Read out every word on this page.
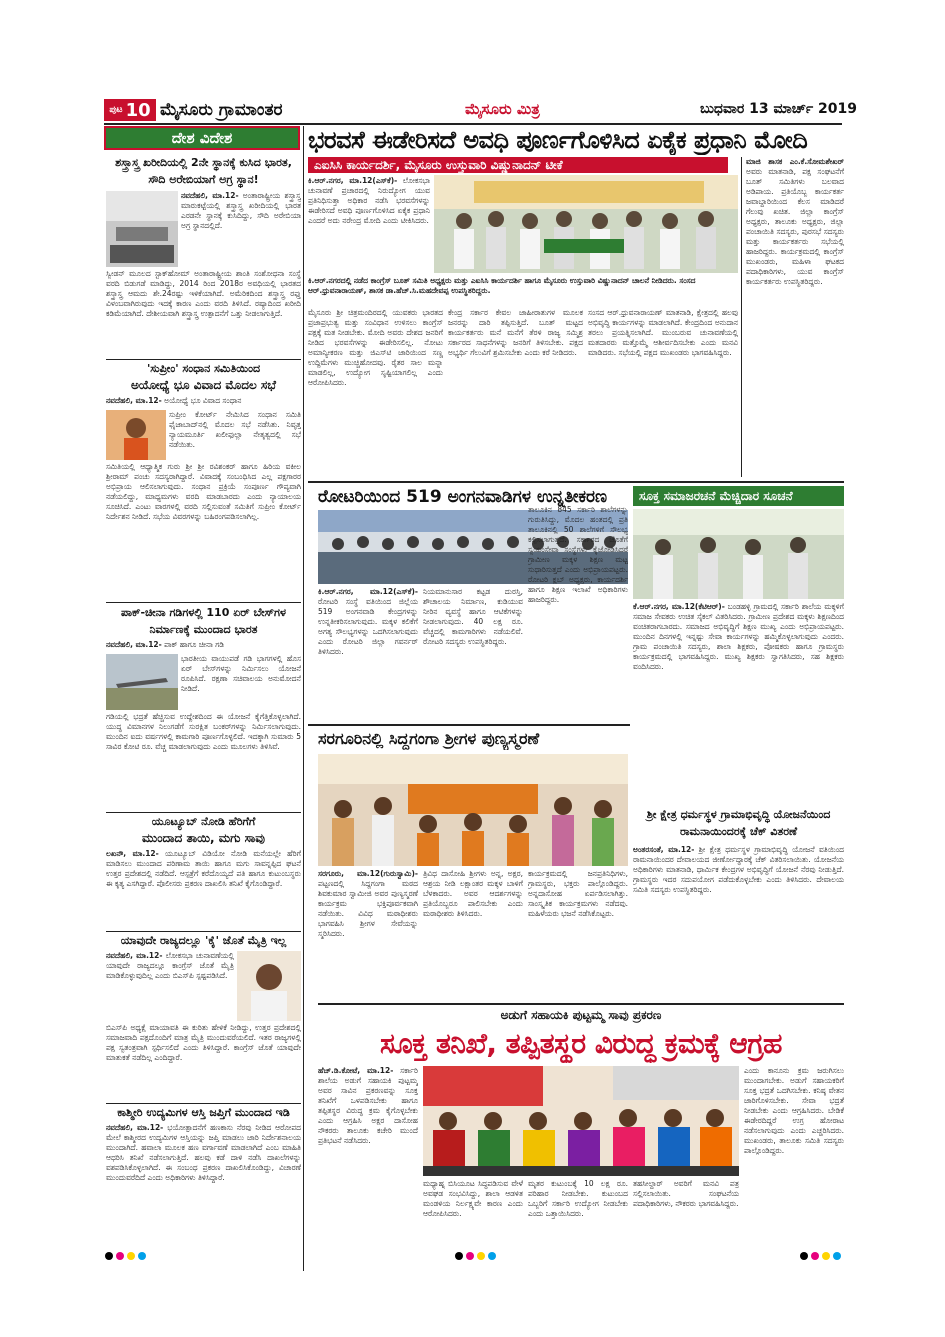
ಪುಟ 10 ಮೈಸೂರು ಗ್ರಾಮಾಂತರ	ಮೈಸೂರು ಮಿತ್ರ	ಬುಧವಾರ 13 ಮಾರ್ಚ್ 2019
ದೇಶ ವಿದೇಶ	ಭರವಸೆ ಈಡೇರಿಸದೆ ಅವಧಿ ಪೂರ್ಣಗೊಳಿಸಿದ ಏಕೈಕ ಪ್ರಧಾನಿ ಮೋದಿ
ಎಐಸಿಸಿ ಕಾರ್ಯದರ್ಶಿ, ಮೈಸೂರು ಉಸ್ತುವಾರಿ ವಿಷ್ಣುನಾದನ್ ಟೀಕೆ
ಕಿ.ಆರ್.ನಗರ, ಮಾ.12(ಎಸ್‌ಕೆ)- ಲೋಕಸಭಾ ಚುನಾವಣೆ ಪ್ರಚಾರದಲ್ಲಿ ನಿರುದ್ಯೋಗ ಯುವ ಪ್ರತಿನಿಧಿಸುತ್ತಾ ಅಧಿಕಾರ ನಡೆಸಿ ಭರವಸೆಗಳನ್ನು ಈಡೇರಿಸದೆ ಅವಧಿ ಪೂರ್ಣಗೊಳಿಸಿದ ಏಕೈಕ ಪ್ರಧಾನಿ ಎಂದರೆ ಅದು ನರೇಂದ್ರ ಮೋದಿ ಎಂದು ಟೀಕಿಸಿದರು.
ಕಿ.ಆರ್.ನಗರದಲ್ಲಿ ನಡೆದ ಕಾಂಗ್ರೆಸ್ ಬೂತ್ ಸಮಿತಿ ಅಧ್ಯಕ್ಷರು ಮತ್ತು ಎಐಸಿಸಿ ಕಾರ್ಯದರ್ಶಿ ಹಾಗೂ ಮೈಸೂರು ಉಸ್ತುವಾರಿ ವಿಷ್ಣುನಾದನ್ ಚಾಲನೆ ನೀಡಿದರು. ಸಂಸದ ಆರ್.ಧ್ರುವನಾರಾಯಣ್, ಶಾಸಕ ಡಾ.ಹೆಚ್.ಸಿ.ಮಹದೇವಪ್ಪ ಉಪಸ್ಥಿತರಿದ್ದರು.
ಮೈಸೂರು ಶ್ರೀ ಚಿತ್ರಮಂದಿರದಲ್ಲಿ ಯುವಕರು ಭಾರತದ ಪ್ರಜಾಪ್ರಭುತ್ವ ಮತ್ತು ಸಂವಿಧಾನ ಉಳಿಸಲು ಕಾಂಗ್ರೆಸ್ ಪಕ್ಷಕ್ಕೆ ಮತ ನೀಡಬೇಕು. ಮೋದಿ ಅವರು ದೇಶದ ಜನರಿಗೆ ನೀಡಿದ ಭರವಸೆಗಳನ್ನು ಈಡೇರಿಸಲಿಲ್ಲ. ನೋಟು ಅಮಾನ್ಯೀಕರಣ ಮತ್ತು ಜಿಎಸ್‌ಟಿ ಜಾರಿಯಿಂದ ಸಣ್ಣ ಉದ್ದಿಮೆಗಳು ಮುಚ್ಚಿಹೋದವು. ರೈತರ ಸಾಲ ಮನ್ನಾ ಮಾಡಲಿಲ್ಲ, ಉದ್ಯೋಗ ಸೃಷ್ಟಿಯಾಗಲಿಲ್ಲ ಎಂದು ಆರೋಪಿಸಿದರು.
ಕೇಂದ್ರ ಸರ್ಕಾರ ಕೇವಲ ಜಾಹೀರಾತುಗಳ ಮೂಲಕ ಜನರನ್ನು ದಾರಿ ತಪ್ಪಿಸುತ್ತಿದೆ. ಬೂತ್ ಮಟ್ಟದ ಕಾರ್ಯಕರ್ತರು ಮನೆ ಮನೆಗೆ ತೆರಳಿ ರಾಜ್ಯ ಸಮ್ಮಿಶ್ರ ಸರ್ಕಾರದ ಸಾಧನೆಗಳನ್ನು ಜನರಿಗೆ ತಿಳಿಸಬೇಕು. ಪಕ್ಷದ ಅಭ್ಯರ್ಥಿ ಗೆಲುವಿಗೆ ಶ್ರಮಿಸಬೇಕು ಎಂದು ಕರೆ ನೀಡಿದರು.
ಸಂಸದ ಆರ್.ಧ್ರುವನಾರಾಯಣ್ ಮಾತನಾಡಿ, ಕ್ಷೇತ್ರದಲ್ಲಿ ಹಲವು ಅಭಿವೃದ್ಧಿ ಕಾರ್ಯಗಳನ್ನು ಮಾಡಲಾಗಿದೆ. ಕೇಂದ್ರದಿಂದ ಅನುದಾನ ತರಲು ಪ್ರಯತ್ನಿಸಲಾಗಿದೆ. ಮುಂಬರುವ ಚುನಾವಣೆಯಲ್ಲಿ ಮತದಾರರು ಮತ್ತೊಮ್ಮೆ ಆಶೀರ್ವದಿಸಬೇಕು ಎಂದು ಮನವಿ ಮಾಡಿದರು. ಸಭೆಯಲ್ಲಿ ಪಕ್ಷದ ಮುಖಂಡರು ಭಾಗವಹಿಸಿದ್ದರು.
ಮಾಜಿ ಶಾಸಕ ಎಂ.ಕೆ.ಸೋಮಶೇಖರ್ ಅವರು ಮಾತನಾಡಿ, ಪಕ್ಷ ಸಂಘಟನೆಗೆ ಬೂತ್ ಸಮಿತಿಗಳು ಬಲವಾದ ಅಡಿಪಾಯ. ಪ್ರತಿಯೊಬ್ಬ ಕಾರ್ಯಕರ್ತ ಜವಾಬ್ದಾರಿಯಿಂದ ಕೆಲಸ ಮಾಡಿದರೆ ಗೆಲುವು ಖಚಿತ. ಜಿಲ್ಲಾ ಕಾಂಗ್ರೆಸ್ ಅಧ್ಯಕ್ಷರು, ತಾಲೂಕು ಅಧ್ಯಕ್ಷರು, ಜಿಲ್ಲಾ ಪಂಚಾಯಿತಿ ಸದಸ್ಯರು, ಪುರಸಭೆ ಸದಸ್ಯರು ಮತ್ತು ಕಾರ್ಯಕರ್ತರು ಸಭೆಯಲ್ಲಿ ಹಾಜರಿದ್ದರು. ಕಾರ್ಯಕ್ರಮದಲ್ಲಿ ಕಾಂಗ್ರೆಸ್ ಮುಖಂಡರು, ಮಹಿಳಾ ಘಟಕದ ಪದಾಧಿಕಾರಿಗಳು, ಯುವ ಕಾಂಗ್ರೆಸ್ ಕಾರ್ಯಕರ್ತರು ಉಪಸ್ಥಿತರಿದ್ದರು.
ರೋಟರಿಯಿಂದ 519 ಅಂಗನವಾಡಿಗಳ ಉನ್ನತೀಕರಣ
ಕಿ.ಆರ್.ನಗರ, ಮಾ.12(ಎಸ್‌ಕೆ)- ರೋಟರಿ ಸಂಸ್ಥೆ ವತಿಯಿಂದ ಜಿಲ್ಲೆಯ 519 ಅಂಗನವಾಡಿ ಕೇಂದ್ರಗಳನ್ನು ಉನ್ನತೀಕರಿಸಲಾಗುವುದು. ಮಕ್ಕಳ ಕಲಿಕೆಗೆ ಅಗತ್ಯ ಸೌಲಭ್ಯಗಳನ್ನು ಒದಗಿಸಲಾಗುವುದು ಎಂದು ರೋಟರಿ ಜಿಲ್ಲಾ ಗವರ್ನರ್ ತಿಳಿಸಿದರು.
ನಿಯಮಾನುಸಾರ ಕಟ್ಟಡ ದುರಸ್ತಿ, ಶೌಚಾಲಯ ನಿರ್ಮಾಣ, ಕುಡಿಯುವ ನೀರಿನ ವ್ಯವಸ್ಥೆ ಹಾಗೂ ಆಟಿಕೆಗಳನ್ನು ನೀಡಲಾಗುವುದು. 40 ಲಕ್ಷ ರೂ. ವೆಚ್ಚದಲ್ಲಿ ಕಾಮಗಾರಿಗಳು ನಡೆಯಲಿವೆ. ರೋಟರಿ ಸದಸ್ಯರು ಉಪಸ್ಥಿತರಿದ್ದರು.
ತಾಲೂಕಿನ 845 ಸರ್ಕಾರಿ ಶಾಲೆಗಳನ್ನು ಗುರುತಿಸಿದ್ದು, ಮೊದಲ ಹಂತದಲ್ಲಿ ಪ್ರತಿ ತಾಲೂಕಿನಲ್ಲಿ 50 ಶಾಲೆಗಳಿಗೆ ಸೌಲಭ್ಯ ಕಲ್ಪಿಸಲಾಗುತ್ತದೆ. ಸರ್ಕಾರದ ಜೊತೆಗೆ ಸ್ವಯಂಸೇವಾ ಸಂಸ್ಥೆಗಳು ಕೈಜೋಡಿಸಿದರೆ ಗ್ರಾಮೀಣ ಮಕ್ಕಳ ಶಿಕ್ಷಣ ಮಟ್ಟ ಸುಧಾರಿಸುತ್ತದೆ ಎಂದು ಅಭಿಪ್ರಾಯಪಟ್ಟರು. ರೋಟರಿ ಕ್ಲಬ್ ಅಧ್ಯಕ್ಷರು, ಕಾರ್ಯದರ್ಶಿ ಹಾಗೂ ಶಿಕ್ಷಣ ಇಲಾಖೆ ಅಧಿಕಾರಿಗಳು ಹಾಜರಿದ್ದರು.
ಸೂಕ್ತ ಸಮಾಜರಚನೆ ಮೆಚ್ಚಿದಾರ ಸೂಚನೆ
ಕೆ.ಆರ್.ನಗರ, ಮಾ.12(ಕೆಟಿಆರ್)- ಬಂಡಹಳ್ಳಿ ಗ್ರಾಮದಲ್ಲಿ ಸರ್ಕಾರಿ ಶಾಲೆಯ ಮಕ್ಕಳಿಗೆ ಸಮಾಜ ಸೇವಕರು ಉಚಿತ ಸೈಕಲ್ ವಿತರಿಸಿದರು. ಗ್ರಾಮೀಣ ಪ್ರದೇಶದ ಮಕ್ಕಳು ಶಿಕ್ಷಣದಿಂದ ವಂಚಿತರಾಗಬಾರದು. ಸಮಾಜದ ಅಭಿವೃದ್ಧಿಗೆ ಶಿಕ್ಷಣ ಮುಖ್ಯ ಎಂದು ಅಭಿಪ್ರಾಯಪಟ್ಟರು. ಮುಂದಿನ ದಿನಗಳಲ್ಲಿ ಇನ್ನಷ್ಟು ಸೇವಾ ಕಾರ್ಯಗಳನ್ನು ಹಮ್ಮಿಕೊಳ್ಳಲಾಗುವುದು ಎಂದರು. ಗ್ರಾಮ ಪಂಚಾಯಿತಿ ಸದಸ್ಯರು, ಶಾಲಾ ಶಿಕ್ಷಕರು, ಪೋಷಕರು ಹಾಗೂ ಗ್ರಾಮಸ್ಥರು ಕಾರ್ಯಕ್ರಮದಲ್ಲಿ ಭಾಗವಹಿಸಿದ್ದರು. ಮುಖ್ಯ ಶಿಕ್ಷಕರು ಸ್ವಾಗತಿಸಿದರು, ಸಹ ಶಿಕ್ಷಕರು ವಂದಿಸಿದರು.
ಶ್ರೀ ಕ್ಷೇತ್ರ ಧರ್ಮಸ್ಥಳ ಗ್ರಾಮಾಭಿವೃದ್ಧಿ ಯೋಜನೆಯಿಂದ ರಾಮನಾಯಿಂದರಕ್ಕೆ ಚೆಕ್ ವಿತರಣೆ
ಅಂತರಸಂತೆ, ಮಾ.12- ಶ್ರೀ ಕ್ಷೇತ್ರ ಧರ್ಮಸ್ಥಳ ಗ್ರಾಮಾಭಿವೃದ್ಧಿ ಯೋಜನೆ ವತಿಯಿಂದ ರಾಮನಾಯಿಂದರ ದೇವಾಲಯದ ಜೀರ್ಣೋದ್ಧಾರಕ್ಕೆ ಚೆಕ್ ವಿತರಿಸಲಾಯಿತು. ಯೋಜನೆಯ ಅಧಿಕಾರಿಗಳು ಮಾತನಾಡಿ, ಧಾರ್ಮಿಕ ಕೇಂದ್ರಗಳ ಅಭಿವೃದ್ಧಿಗೆ ಯೋಜನೆ ನೆರವು ನೀಡುತ್ತಿದೆ. ಗ್ರಾಮಸ್ಥರು ಇದರ ಸದುಪಯೋಗ ಪಡೆದುಕೊಳ್ಳಬೇಕು ಎಂದು ತಿಳಿಸಿದರು. ದೇವಾಲಯ ಸಮಿತಿ ಸದಸ್ಯರು ಉಪಸ್ಥಿತರಿದ್ದರು.
ಸರಗೂರಿನಲ್ಲಿ ಸಿದ್ದಗಂಗಾ ಶ್ರೀಗಳ ಪುಣ್ಯಸ್ಮರಣೆ
ಸರಗೂರು, ಮಾ.12(ಗುರುಸ್ವಾಮಿ)- ಪಟ್ಟಣದಲ್ಲಿ ಸಿದ್ದಗಂಗಾ ಮಠದ ಶಿವಕುಮಾರ ಸ್ವಾಮೀಜಿ ಅವರ ಪುಣ್ಯಸ್ಮರಣೆ ಕಾರ್ಯಕ್ರಮ ಭಕ್ತಿಪೂರ್ವಕವಾಗಿ ನಡೆಯಿತು. ವಿವಿಧ ಮಠಾಧೀಶರು ಭಾಗವಹಿಸಿ ಶ್ರೀಗಳ ಸೇವೆಯನ್ನು ಸ್ಮರಿಸಿದರು.
ತ್ರಿವಿಧ ದಾಸೋಹಿ ಶ್ರೀಗಳು ಅನ್ನ, ಅಕ್ಷರ, ಆಶ್ರಯ ನೀಡಿ ಲಕ್ಷಾಂತರ ಮಕ್ಕಳ ಬಾಳಿಗೆ ಬೆಳಕಾದರು. ಅವರ ಆದರ್ಶಗಳನ್ನು ಪ್ರತಿಯೊಬ್ಬರೂ ಪಾಲಿಸಬೇಕು ಎಂದು ಮಠಾಧೀಶರು ತಿಳಿಸಿದರು.
ಕಾರ್ಯಕ್ರಮದಲ್ಲಿ ಜನಪ್ರತಿನಿಧಿಗಳು, ಗ್ರಾಮಸ್ಥರು, ಭಕ್ತರು ಪಾಲ್ಗೊಂಡಿದ್ದರು. ಅನ್ನದಾಸೋಹ ಏರ್ಪಡಿಸಲಾಗಿತ್ತು. ಸಾಂಸ್ಕೃತಿಕ ಕಾರ್ಯಕ್ರಮಗಳು ನಡೆದವು. ಮಹಿಳೆಯರು ಭಜನೆ ನಡೆಸಿಕೊಟ್ಟರು.
ಶಸ್ತ್ರಾಸ್ತ್ರ ಖರೀದಿಯಲ್ಲಿ 2ನೇ ಸ್ಥಾನಕ್ಕೆ ಕುಸಿದ ಭಾರತ, ಸೌದಿ ಅರೇಬಿಯಾಗೆ ಅಗ್ರ ಸ್ಥಾನ!
ನವದೆಹಲಿ, ಮಾ.12- ಅಂತಾರಾಷ್ಟ್ರೀಯ ಶಸ್ತ್ರಾಸ್ತ್ರ ಮಾರುಕಟ್ಟೆಯಲ್ಲಿ ಶಸ್ತ್ರಾಸ್ತ್ರ ಖರೀದಿಯಲ್ಲಿ ಭಾರತ ಎರಡನೇ ಸ್ಥಾನಕ್ಕೆ ಕುಸಿದಿದ್ದು, ಸೌದಿ ಅರೇಬಿಯಾ ಅಗ್ರ ಸ್ಥಾನದಲ್ಲಿದೆ.
ಸ್ವೀಡನ್ ಮೂಲದ ಸ್ಟಾಕ್‌ಹೋಮ್ ಅಂತಾರಾಷ್ಟ್ರೀಯ ಶಾಂತಿ ಸಂಶೋಧನಾ ಸಂಸ್ಥೆ ವರದಿ ಬಿಡುಗಡೆ ಮಾಡಿದ್ದು, 2014 ರಿಂದ 2018ರ ಅವಧಿಯಲ್ಲಿ ಭಾರತದ ಶಸ್ತ್ರಾಸ್ತ್ರ ಆಮದು ಶೇ.24ರಷ್ಟು ಇಳಿಕೆಯಾಗಿದೆ. ಅಮೆರಿಕದಿಂದ ಶಸ್ತ್ರಾಸ್ತ್ರ ರಫ್ತು ವಿಳಂಬವಾಗಿರುವುದು ಇದಕ್ಕೆ ಕಾರಣ ಎಂದು ವರದಿ ತಿಳಿಸಿದೆ. ರಷ್ಯಾದಿಂದ ಖರೀದಿ ಕಡಿಮೆಯಾಗಿದೆ. ದೇಶೀಯವಾಗಿ ಶಸ್ತ್ರಾಸ್ತ್ರ ಉತ್ಪಾದನೆಗೆ ಒತ್ತು ನೀಡಲಾಗುತ್ತಿದೆ.
'ಸುಪ್ರೀಂ' ಸಂಧಾನ ಸಮಿತಿಯಿಂದ
ಅಯೋಧ್ಯೆ ಭೂ ವಿವಾದ ಮೊದಲ ಸಭೆ
ನವದೆಹಲಿ, ಮಾ.12- ಅಯೋಧ್ಯೆ ಭೂ ವಿವಾದ ಸಂಧಾನ
ಸುಪ್ರೀಂ ಕೋರ್ಟ್ ನೇಮಿಸಿದ ಸಂಧಾನ ಸಮಿತಿ ಫೈಜಾಬಾದ್‌ನಲ್ಲಿ ಮೊದಲ ಸಭೆ ನಡೆಸಿತು. ನಿವೃತ್ತ ನ್ಯಾಯಮೂರ್ತಿ ಖಲೀಫುಲ್ಲಾ ನೇತೃತ್ವದಲ್ಲಿ ಸಭೆ ನಡೆಯಿತು.
ಸಮಿತಿಯಲ್ಲಿ ಆಧ್ಯಾತ್ಮಿಕ ಗುರು ಶ್ರೀ ಶ್ರೀ ರವಿಶಂಕರ್ ಹಾಗೂ ಹಿರಿಯ ವಕೀಲ ಶ್ರೀರಾಮ್ ಪಂಚು ಸದಸ್ಯರಾಗಿದ್ದಾರೆ. ವಿವಾದಕ್ಕೆ ಸಂಬಂಧಿಸಿದ ಎಲ್ಲ ಪಕ್ಷಗಾರರ ಅಭಿಪ್ರಾಯ ಆಲಿಸಲಾಗುವುದು. ಸಂಧಾನ ಪ್ರಕ್ರಿಯೆ ಸಂಪೂರ್ಣ ಗೌಪ್ಯವಾಗಿ ನಡೆಯಲಿದ್ದು, ಮಾಧ್ಯಮಗಳು ವರದಿ ಮಾಡಬಾರದು ಎಂದು ನ್ಯಾಯಾಲಯ ಸೂಚಿಸಿದೆ. ಎಂಟು ವಾರಗಳಲ್ಲಿ ವರದಿ ಸಲ್ಲಿಸುವಂತೆ ಸಮಿತಿಗೆ ಸುಪ್ರೀಂ ಕೋರ್ಟ್ ನಿರ್ದೇಶನ ನೀಡಿದೆ. ಸಭೆಯ ವಿವರಗಳನ್ನು ಬಹಿರಂಗಪಡಿಸಲಾಗಿಲ್ಲ.
ಪಾಕ್-ಚೀನಾ ಗಡಿಗಳಲ್ಲಿ 110 ಏರ್ ಬೇಸ್‌ಗಳ ನಿರ್ಮಾಣಕ್ಕೆ ಮುಂದಾದ ಭಾರತ
ನವದೆಹಲಿ, ಮಾ.12- ಪಾಕ್ ಹಾಗೂ ಚೀನಾ ಗಡಿ
ಭಾರತೀಯ ವಾಯುಪಡೆ ಗಡಿ ಭಾಗಗಳಲ್ಲಿ ಹೊಸ ಏರ್ ಬೇಸ್‌ಗಳನ್ನು ನಿರ್ಮಿಸಲು ಯೋಜನೆ ರೂಪಿಸಿದೆ. ರಕ್ಷಣಾ ಸಚಿವಾಲಯ ಅನುಮೋದನೆ ನೀಡಿದೆ.
ಗಡಿಯಲ್ಲಿ ಭದ್ರತೆ ಹೆಚ್ಚಿಸುವ ಉದ್ದೇಶದಿಂದ ಈ ಯೋಜನೆ ಕೈಗೆತ್ತಿಕೊಳ್ಳಲಾಗಿದೆ. ಯುದ್ಧ ವಿಮಾನಗಳ ನಿಲುಗಡೆಗೆ ಸುರಕ್ಷಿತ ಬಂಕರ್‌ಗಳನ್ನು ನಿರ್ಮಿಸಲಾಗುವುದು. ಮುಂದಿನ ಐದು ವರ್ಷಗಳಲ್ಲಿ ಕಾಮಗಾರಿ ಪೂರ್ಣಗೊಳ್ಳಲಿದೆ. ಇದಕ್ಕಾಗಿ ಸುಮಾರು 5 ಸಾವಿರ ಕೋಟಿ ರೂ. ವೆಚ್ಚ ಮಾಡಲಾಗುವುದು ಎಂದು ಮೂಲಗಳು ತಿಳಿಸಿವೆ.
ಯೂಟ್ಯೂಬ್ ನೋಡಿ ಹೆರಿಗೆಗೆ
ಮುಂದಾದ ತಾಯಿ, ಮಗು ಸಾವು
ಲಖನೌ, ಮಾ.12- ಯೂಟ್ಯೂಬ್ ವಿಡಿಯೋ ನೋಡಿ ಮನೆಯಲ್ಲೇ ಹೆರಿಗೆ ಮಾಡಿಸಲು ಮುಂದಾದ ಪರಿಣಾಮ ತಾಯಿ ಹಾಗೂ ಮಗು ಸಾವನ್ನಪ್ಪಿದ ಘಟನೆ ಉತ್ತರ ಪ್ರದೇಶದಲ್ಲಿ ನಡೆದಿದೆ. ಆಸ್ಪತ್ರೆಗೆ ಕರೆದೊಯ್ಯದೆ ಪತಿ ಹಾಗೂ ಕುಟುಂಬಸ್ಥರು ಈ ಕೃತ್ಯ ಎಸಗಿದ್ದಾರೆ. ಪೊಲೀಸರು ಪ್ರಕರಣ ದಾಖಲಿಸಿ ತನಿಖೆ ಕೈಗೊಂಡಿದ್ದಾರೆ.
ಯಾವುದೇ ರಾಜ್ಯದಲ್ಲೂ 'ಕೈ' ಜೊತೆ ಮೈತ್ರಿ ಇಲ್ಲ
ನವದೆಹಲಿ, ಮಾ.12- ಲೋಕಸಭಾ ಚುನಾವಣೆಯಲ್ಲಿ ಯಾವುದೇ ರಾಜ್ಯದಲ್ಲೂ ಕಾಂಗ್ರೆಸ್ ಜೊತೆ ಮೈತ್ರಿ ಮಾಡಿಕೊಳ್ಳುವುದಿಲ್ಲ ಎಂದು ಬಿಎಸ್‌ಪಿ ಸ್ಪಷ್ಟಪಡಿಸಿದೆ.
ಬಿಎಸ್‌ಪಿ ಅಧ್ಯಕ್ಷೆ ಮಾಯಾವತಿ ಈ ಕುರಿತು ಹೇಳಿಕೆ ನೀಡಿದ್ದು, ಉತ್ತರ ಪ್ರದೇಶದಲ್ಲಿ ಸಮಾಜವಾದಿ ಪಕ್ಷದೊಂದಿಗೆ ಮಾತ್ರ ಮೈತ್ರಿ ಮುಂದುವರೆಯಲಿದೆ. ಇತರ ರಾಜ್ಯಗಳಲ್ಲಿ ಪಕ್ಷ ಸ್ವತಂತ್ರವಾಗಿ ಸ್ಪರ್ಧಿಸಲಿದೆ ಎಂದು ತಿಳಿಸಿದ್ದಾರೆ. ಕಾಂಗ್ರೆಸ್ ಜೊತೆ ಯಾವುದೇ ಮಾತುಕತೆ ನಡೆದಿಲ್ಲ ಎಂದಿದ್ದಾರೆ.
ಕಾಶ್ಮೀರಿ ಉದ್ಯಮಿಗಳ ಆಸ್ತಿ ಜಪ್ತಿಗೆ ಮುಂದಾದ ಇಡಿ
ನವದೆಹಲಿ, ಮಾ.12- ಭಯೋತ್ಪಾದನೆಗೆ ಹಣಕಾಸು ನೆರವು ನೀಡಿದ ಆರೋಪದ ಮೇಲೆ ಕಾಶ್ಮೀರದ ಉದ್ಯಮಿಗಳ ಆಸ್ತಿಯನ್ನು ಜಪ್ತಿ ಮಾಡಲು ಜಾರಿ ನಿರ್ದೇಶನಾಲಯ ಮುಂದಾಗಿದೆ. ಹವಾಲಾ ಮೂಲಕ ಹಣ ವರ್ಗಾವಣೆ ಮಾಡಲಾಗಿದೆ ಎಂಬ ಮಾಹಿತಿ ಆಧರಿಸಿ ತನಿಖೆ ನಡೆಸಲಾಗುತ್ತಿದೆ. ಹಲವು ಕಡೆ ದಾಳಿ ನಡೆಸಿ ದಾಖಲೆಗಳನ್ನು ವಶಪಡಿಸಿಕೊಳ್ಳಲಾಗಿದೆ. ಈ ಸಂಬಂಧ ಪ್ರಕರಣ ದಾಖಲಿಸಿಕೊಂಡಿದ್ದು, ವಿಚಾರಣೆ ಮುಂದುವರೆದಿದೆ ಎಂದು ಅಧಿಕಾರಿಗಳು ತಿಳಿಸಿದ್ದಾರೆ.
ಅಡುಗೆ ಸಹಾಯಕಿ ಪುಟ್ಟಮ್ಮ ಸಾವು ಪ್ರಕರಣ
ಸೂಕ್ತ ತನಿಖೆ, ತಪ್ಪಿತಸ್ಥರ ವಿರುದ್ಧ ಕ್ರಮಕ್ಕೆ ಆಗ್ರಹ
ಹೆಚ್.ಡಿ.ಕೋಟೆ, ಮಾ.12- ಸರ್ಕಾರಿ ಶಾಲೆಯ ಅಡುಗೆ ಸಹಾಯಕಿ ಪುಟ್ಟಮ್ಮ ಅವರ ಸಾವಿನ ಪ್ರಕರಣವನ್ನು ಸೂಕ್ತ ತನಿಖೆಗೆ ಒಳಪಡಿಸಬೇಕು ಹಾಗೂ ತಪ್ಪಿತಸ್ಥರ ವಿರುದ್ಧ ಕ್ರಮ ಕೈಗೊಳ್ಳಬೇಕು ಎಂದು ಆಗ್ರಹಿಸಿ ಅಕ್ಷರ ದಾಸೋಹ ನೌಕರರು ತಾಲೂಕು ಕಚೇರಿ ಮುಂದೆ ಪ್ರತಿಭಟನೆ ನಡೆಸಿದರು.
ಮಧ್ಯಾಹ್ನ ಬಿಸಿಯೂಟ ಸಿದ್ಧಪಡಿಸುವ ವೇಳೆ ಅವಘಡ ಸಂಭವಿಸಿದ್ದು, ಶಾಲಾ ಆಡಳಿತ ಮಂಡಳಿಯ ನಿರ್ಲಕ್ಷ್ಯವೇ ಕಾರಣ ಎಂದು ಆರೋಪಿಸಿದರು.
ಮೃತರ ಕುಟುಂಬಕ್ಕೆ 10 ಲಕ್ಷ ರೂ. ಪರಿಹಾರ ನೀಡಬೇಕು. ಕುಟುಂಬದ ಒಬ್ಬರಿಗೆ ಸರ್ಕಾರಿ ಉದ್ಯೋಗ ನೀಡಬೇಕು ಎಂದು ಒತ್ತಾಯಿಸಿದರು.
ತಹಸೀಲ್ದಾರ್ ಅವರಿಗೆ ಮನವಿ ಪತ್ರ ಸಲ್ಲಿಸಲಾಯಿತು. ಸಂಘಟನೆಯ ಪದಾಧಿಕಾರಿಗಳು, ನೌಕರರು ಭಾಗವಹಿಸಿದ್ದರು.
ಎಂದು ಕಾನೂನು ಕ್ರಮ ಜರುಗಿಸಲು ಮುಂದಾಗಬೇಕು. ಅಡುಗೆ ಸಹಾಯಕರಿಗೆ ಸೂಕ್ತ ಭದ್ರತೆ ಒದಗಿಸಬೇಕು. ಕನಿಷ್ಠ ವೇತನ ಜಾರಿಗೊಳಿಸಬೇಕು. ಸೇವಾ ಭದ್ರತೆ ನೀಡಬೇಕು ಎಂದು ಆಗ್ರಹಿಸಿದರು. ಬೇಡಿಕೆ ಈಡೇರದಿದ್ದರೆ ಉಗ್ರ ಹೋರಾಟ ನಡೆಸಲಾಗುವುದು ಎಂದು ಎಚ್ಚರಿಸಿದರು. ಮುಖಂಡರು, ತಾಲೂಕು ಸಮಿತಿ ಸದಸ್ಯರು ಪಾಲ್ಗೊಂಡಿದ್ದರು.
